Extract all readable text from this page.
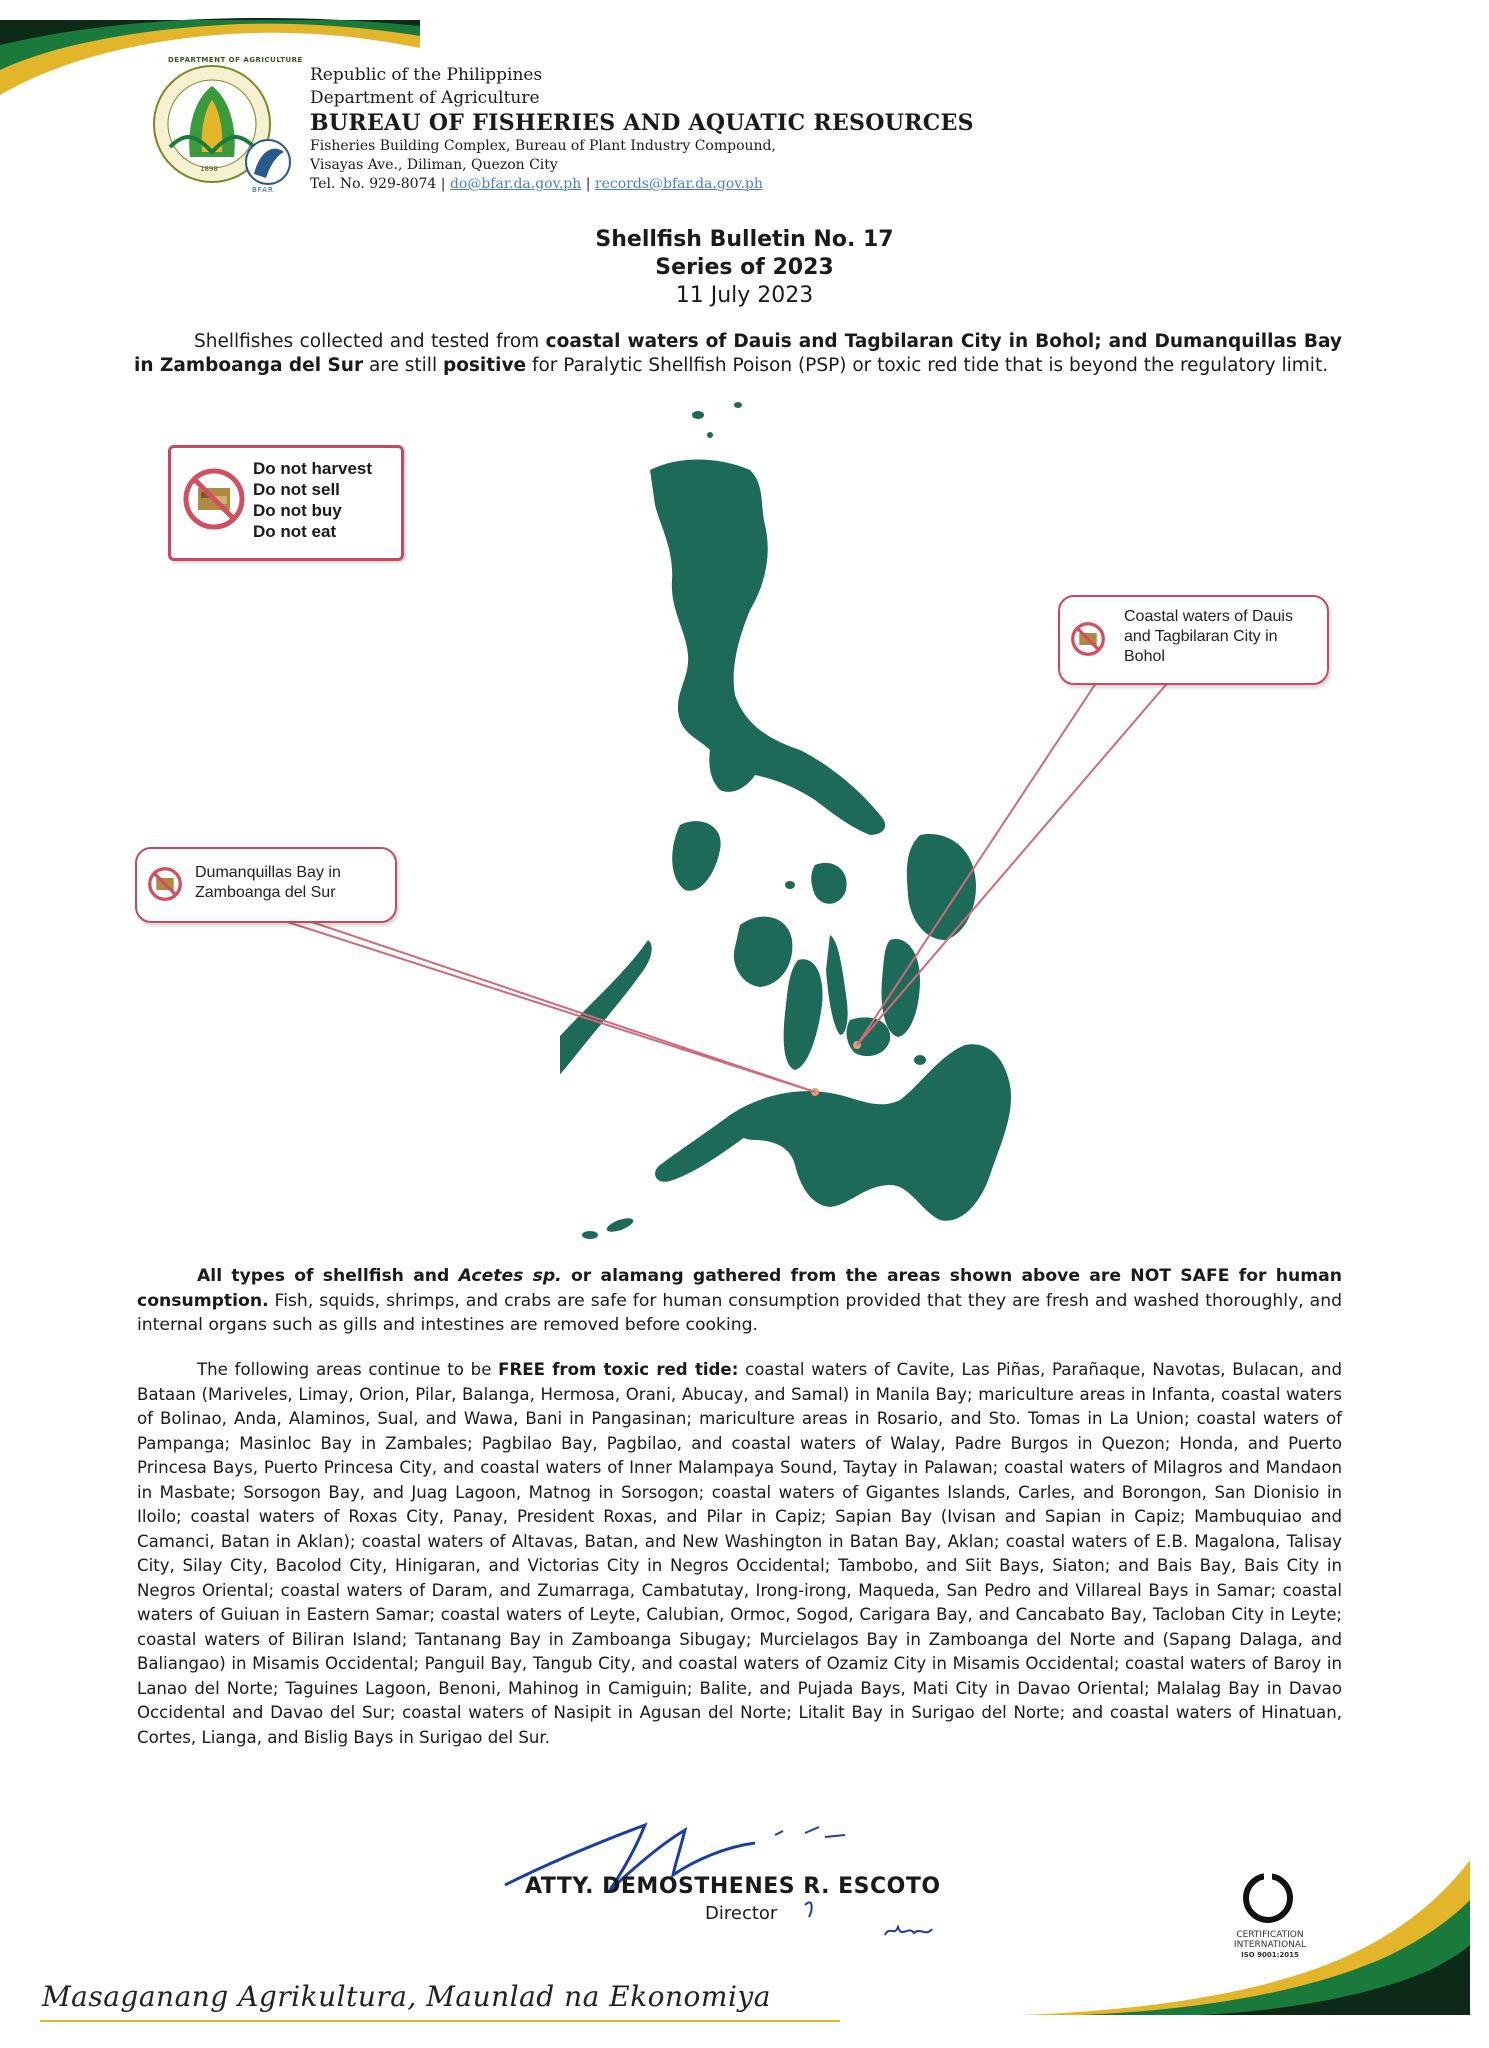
DEPARTMENT OF AGRICULTURE
1898
BFAR
Republic of the Philippines
Department of Agriculture
BUREAU OF FISHERIES AND AQUATIC RESOURCES
Fisheries Building Complex, Bureau of Plant Industry Compound,
Visayas Ave., Diliman, Quezon City
Tel. No. 929-8074 | do@bfar.da.gov.ph | records@bfar.da.gov.ph
Shellfish Bulletin No. 17
Series of 2023
11 July 2023
Shellfishes collected and tested from coastal waters of Dauis and Tagbilaran City in Bohol; and Dumanquillas Bay in Zamboanga del Sur are still positive for Paralytic Shellfish Poison (PSP) or toxic red tide that is beyond the regulatory limit.
Do not harvest
Do not sell
Do not buy
Do not eat
Coastal waters of Dauis and Tagbilaran City in Bohol
Dumanquillas Bay in Zamboanga del Sur
All types of shellfish and Acetes sp. or alamang gathered from the areas shown above are NOT SAFE for human consumption. Fish, squids, shrimps, and crabs are safe for human consumption provided that they are fresh and washed thoroughly, and internal organs such as gills and intestines are removed before cooking.
The following areas continue to be FREE from toxic red tide: coastal waters of Cavite, Las Piñas, Parañaque, Navotas, Bulacan, and Bataan (Mariveles, Limay, Orion, Pilar, Balanga, Hermosa, Orani, Abucay, and Samal) in Manila Bay; mariculture areas in Infanta, coastal waters of Bolinao, Anda, Alaminos, Sual, and Wawa, Bani in Pangasinan; mariculture areas in Rosario, and Sto. Tomas in La Union; coastal waters of Pampanga; Masinloc Bay in Zambales; Pagbilao Bay, Pagbilao, and coastal waters of Walay, Padre Burgos in Quezon; Honda, and Puerto Princesa Bays, Puerto Princesa City, and coastal waters of Inner Malampaya Sound, Taytay in Palawan; coastal waters of Milagros and Mandaon in Masbate; Sorsogon Bay, and Juag Lagoon, Matnog in Sorsogon; coastal waters of Gigantes Islands, Carles, and Borongon, San Dionisio in Iloilo; coastal waters of Roxas City, Panay, President Roxas, and Pilar in Capiz; Sapian Bay (Ivisan and Sapian in Capiz; Mambuquiao and Camanci, Batan in Aklan); coastal waters of Altavas, Batan, and New Washington in Batan Bay, Aklan; coastal waters of E.B. Magalona, Talisay City, Silay City, Bacolod City, Hinigaran, and Victorias City in Negros Occidental; Tambobo, and Siit Bays, Siaton; and Bais Bay, Bais City in Negros Oriental; coastal waters of Daram, and Zumarraga, Cambatutay, Irong-irong, Maqueda, San Pedro and Villareal Bays in Samar; coastal waters of Guiuan in Eastern Samar; coastal waters of Leyte, Calubian, Ormoc, Sogod, Carigara Bay, and Cancabato Bay, Tacloban City in Leyte; coastal waters of Biliran Island; Tantanang Bay in Zamboanga Sibugay; Murcielagos Bay in Zamboanga del Norte and (Sapang Dalaga, and Baliangao) in Misamis Occidental; Panguil Bay, Tangub City, and coastal waters of Ozamiz City in Misamis Occidental; coastal waters of Baroy in Lanao del Norte; Taguines Lagoon, Benoni, Mahinog in Camiguin; Balite, and Pujada Bays, Mati City in Davao Oriental; Malalag Bay in Davao Occidental and Davao del Sur; coastal waters of Nasipit in Agusan del Norte; Litalit Bay in Surigao del Norte; and coastal waters of Hinatuan, Cortes, Lianga, and Bislig Bays in Surigao del Sur.
ATTY. DEMOSTHENES R. ESCOTO
Director
CERTIFICATION
INTERNATIONAL
ISO 9001:2015
Masaganang Agrikultura, Maunlad na Ekonomiya
